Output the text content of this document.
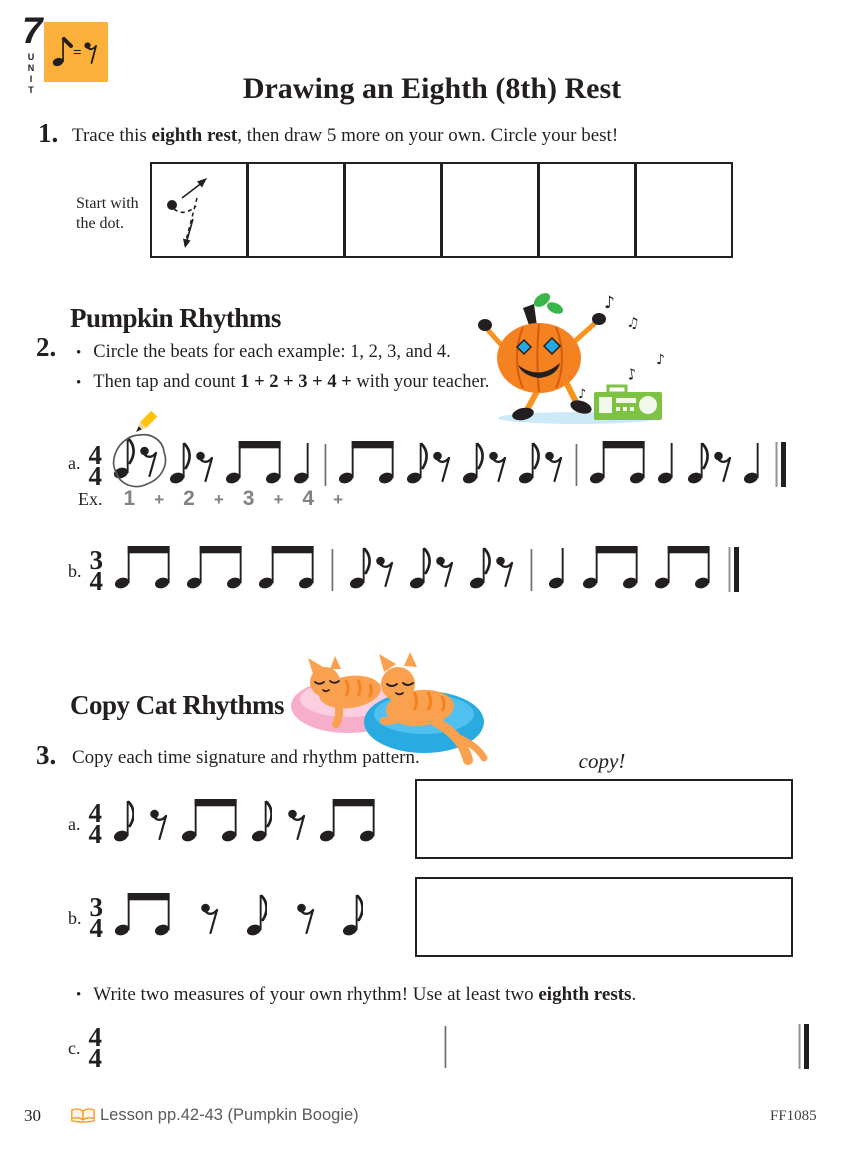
7
UNIT =
Drawing an Eighth (8th) Rest
1. Trace this eighth rest, then draw 5 more on your own. Circle your best!
Start with
the dot.
Pumpkin Rhythms
2. • Circle the beats for each example: 1, 2, 3, and 4.
• Then tap and count 1 + 2 + 3 + 4 + with your teacher.
♪
♫
♪
♪
♪
a. 4
4
Ex. 1 + 2 + 3 + 4 +
b. 3
4
Copy Cat Rhythms
3. Copy each time signature and rhythm pattern.	copy!
a. 4
4
b. 3
4
• Write two measures of your own rhythm! Use at least two eighth rests.
c. 4
4
30	Lesson pp.42-43 (Pumpkin Boogie)	FF1085
